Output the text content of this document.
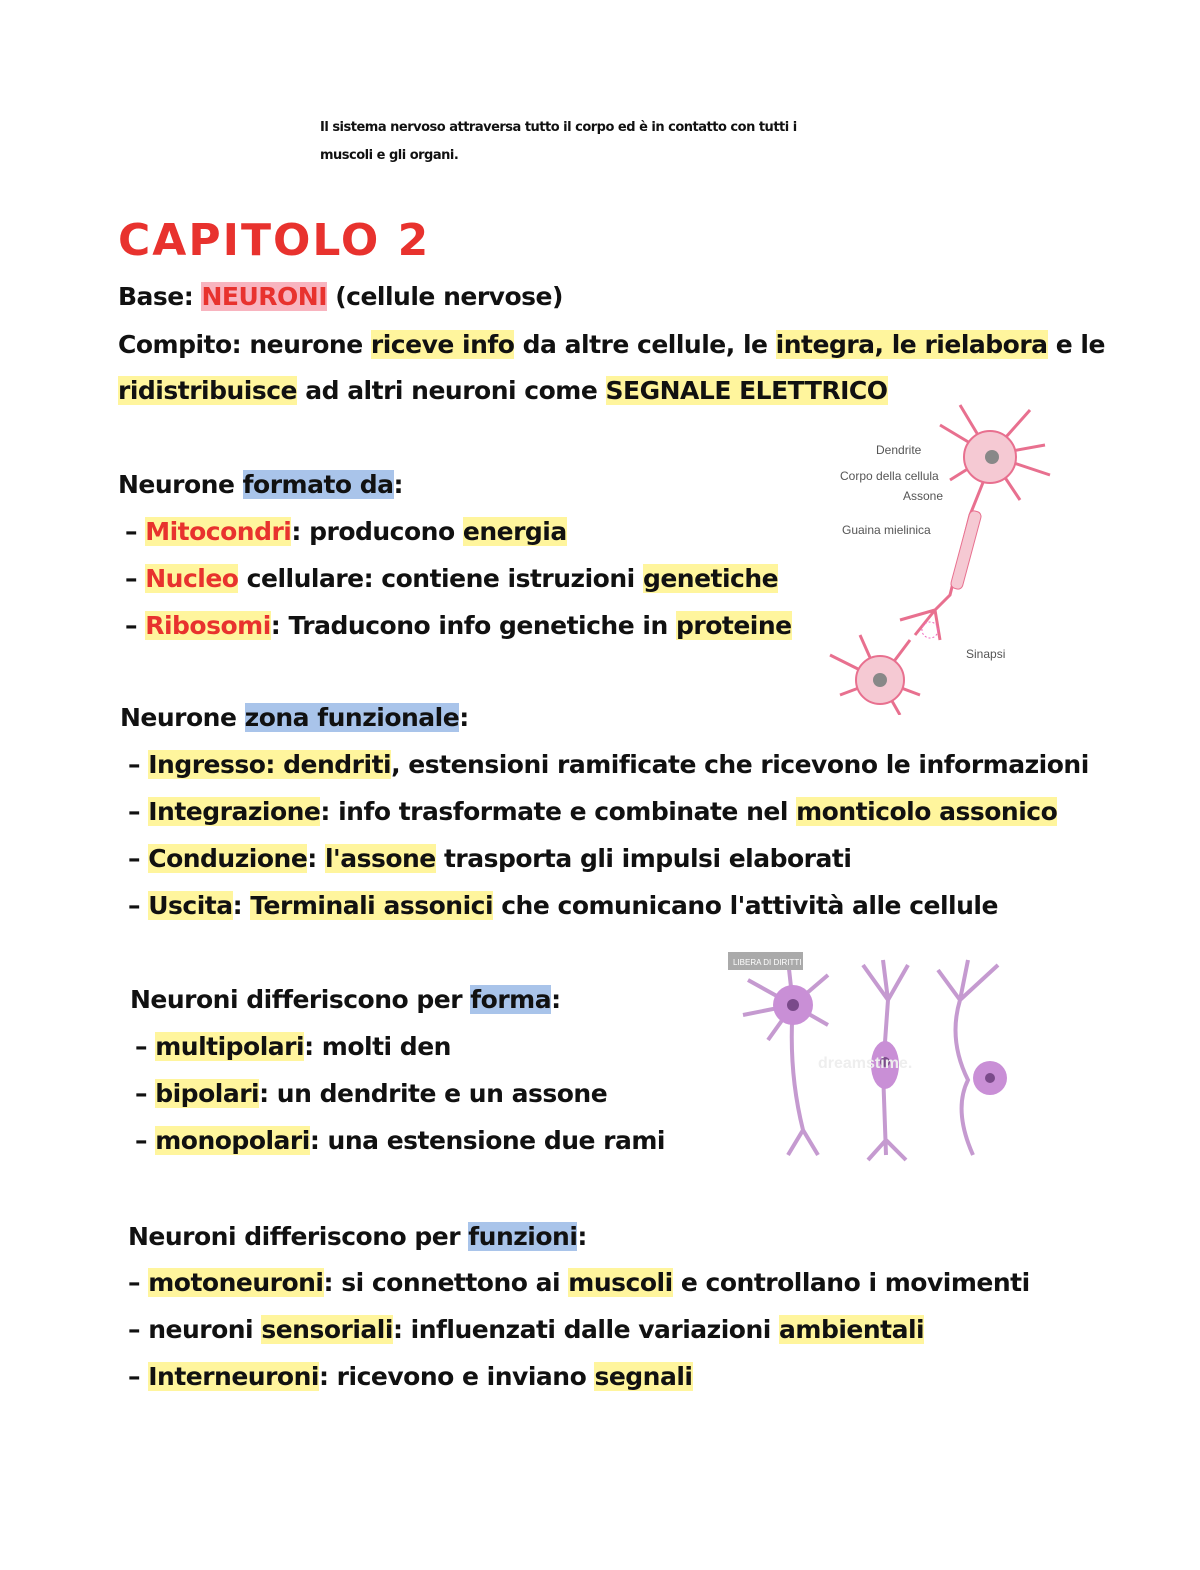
Il sistema nervoso attraversa tutto il corpo ed è in contatto con tutti i
muscoli e gli organi.
CAPITOLO 2
Base: NEURONI (cellule nervose)
Compito: neurone riceve info da altre cellule, le integra, le rielabora e le
ridistribuisce ad altri neuroni come SEGNALE ELETTRICO
Neurone formato da:
– Mitocondri: producono energia
– Nucleo cellulare: contiene istruzioni genetiche
– Ribosomi: Traducono info genetiche in proteine
Dendrite
Corpo della cellula
Assone
Guaina mielinica
Sinapsi
Neurone zona funzionale:
– Ingresso: dendriti, estensioni ramificate che ricevono le informazioni
– Integrazione: info trasformate e combinate nel monticolo assonico
– Conduzione: l'assone trasporta gli impulsi elaborati
– Uscita: Terminali assonici che comunicano l'attività alle cellule
LIBERA DI DIRITTI
dreamstime.
Neuroni differiscono per forma:
– multipolari: molti den
– bipolari: un dendrite e un assone
– monopolari: una estensione due rami
Neuroni differiscono per funzioni:
– motoneuroni: si connettono ai muscoli e controllano i movimenti
– neuroni sensoriali: influenzati dalle variazioni ambientali
– Interneuroni: ricevono e inviano segnali
